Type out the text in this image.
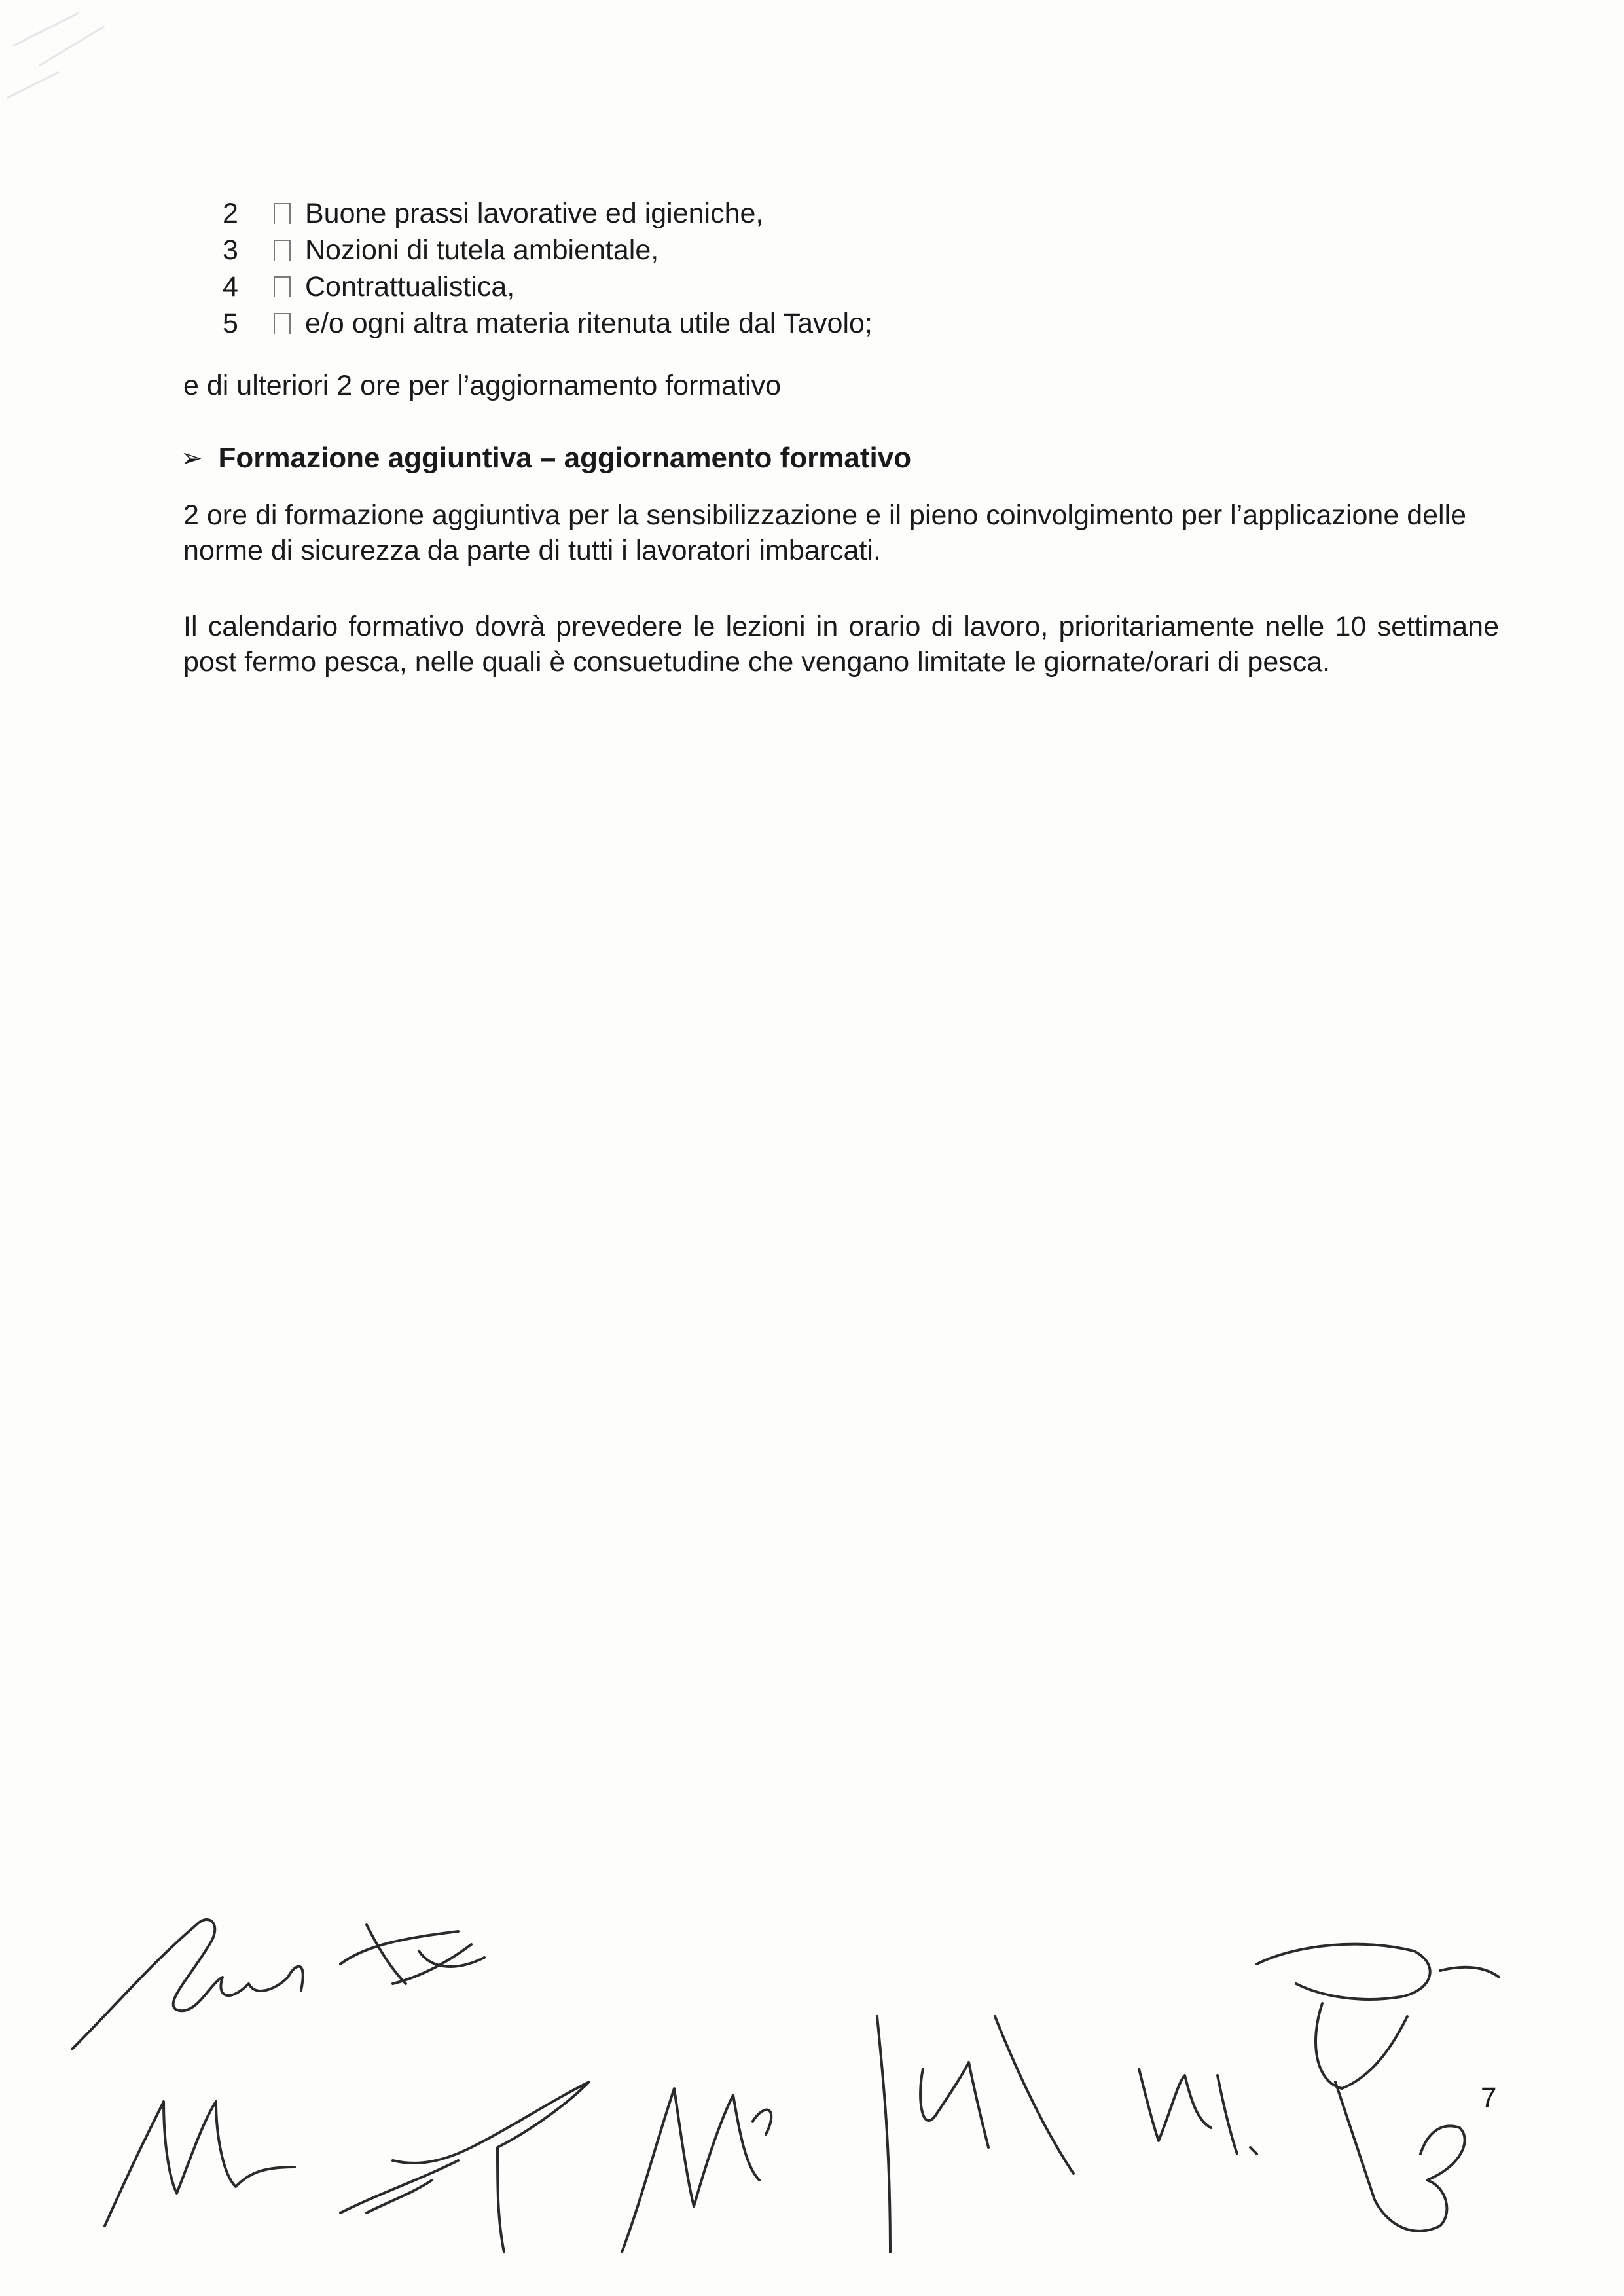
2	Buone prassi lavorative ed igieniche,
3	Nozioni di tutela ambientale,
4	Contrattualistica,
5	e/o ogni altra materia ritenuta utile dal Tavolo;
e di ulteriori 2 ore per l’aggiornamento formativo
➢ Formazione aggiuntiva – aggiornamento formativo
2 ore di formazione aggiuntiva per la sensibilizzazione e il pieno coinvolgimento per l’applicazione delle norme di sicurezza da parte di tutti i lavoratori imbarcati.
Il calendario formativo dovrà prevedere le lezioni in orario di lavoro, prioritariamente nelle 10 settimane post fermo pesca, nelle quali è consuetudine che vengano limitate le giornate/orari di pesca.
7
